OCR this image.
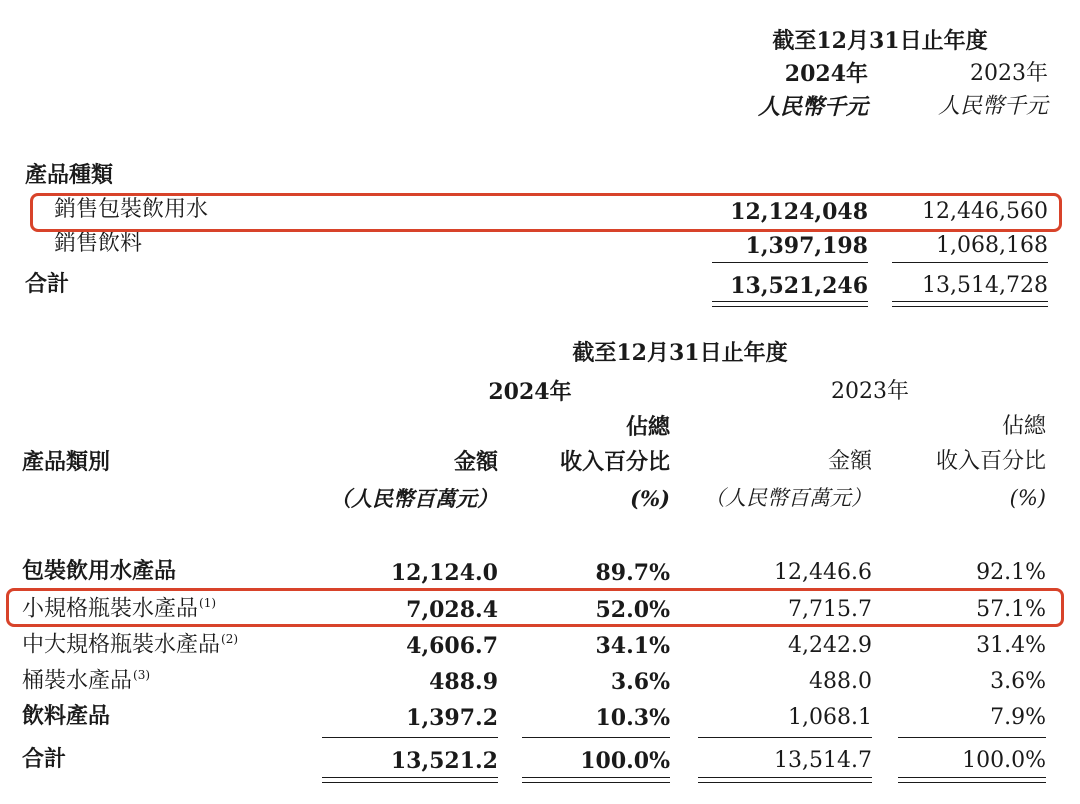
截至12月31日止年度
2024年	2023年
人民幣千元	人民幣千元
產品種類
銷售包裝飲用水	12,124,048	12,446,560
銷售飲料	1,397,198	1,068,168
合計	13,521,246	13,514,728
截至12月31日止年度
2024年	2023年
佔總	佔總
產品類別	金額	收入百分比	金額	收入百分比
（人民幣百萬元）	(%)	（人民幣百萬元）	(%)
包裝飲用水產品	12,124.0	89.7%	12,446.6	92.1%
小規格瓶裝水產品$^{(1)}$	7,028.4	52.0%	7,715.7	57.1%
中大規格瓶裝水產品$^{(2)}$	4,606.7	34.1%	4,242.9	31.4%
桶裝水產品$^{(3)}$	488.9	3.6%	488.0	3.6%
飲料產品	1,397.2	10.3%	1,068.1	7.9%
合計	13,521.2	100.0%	13,514.7	100.0%
